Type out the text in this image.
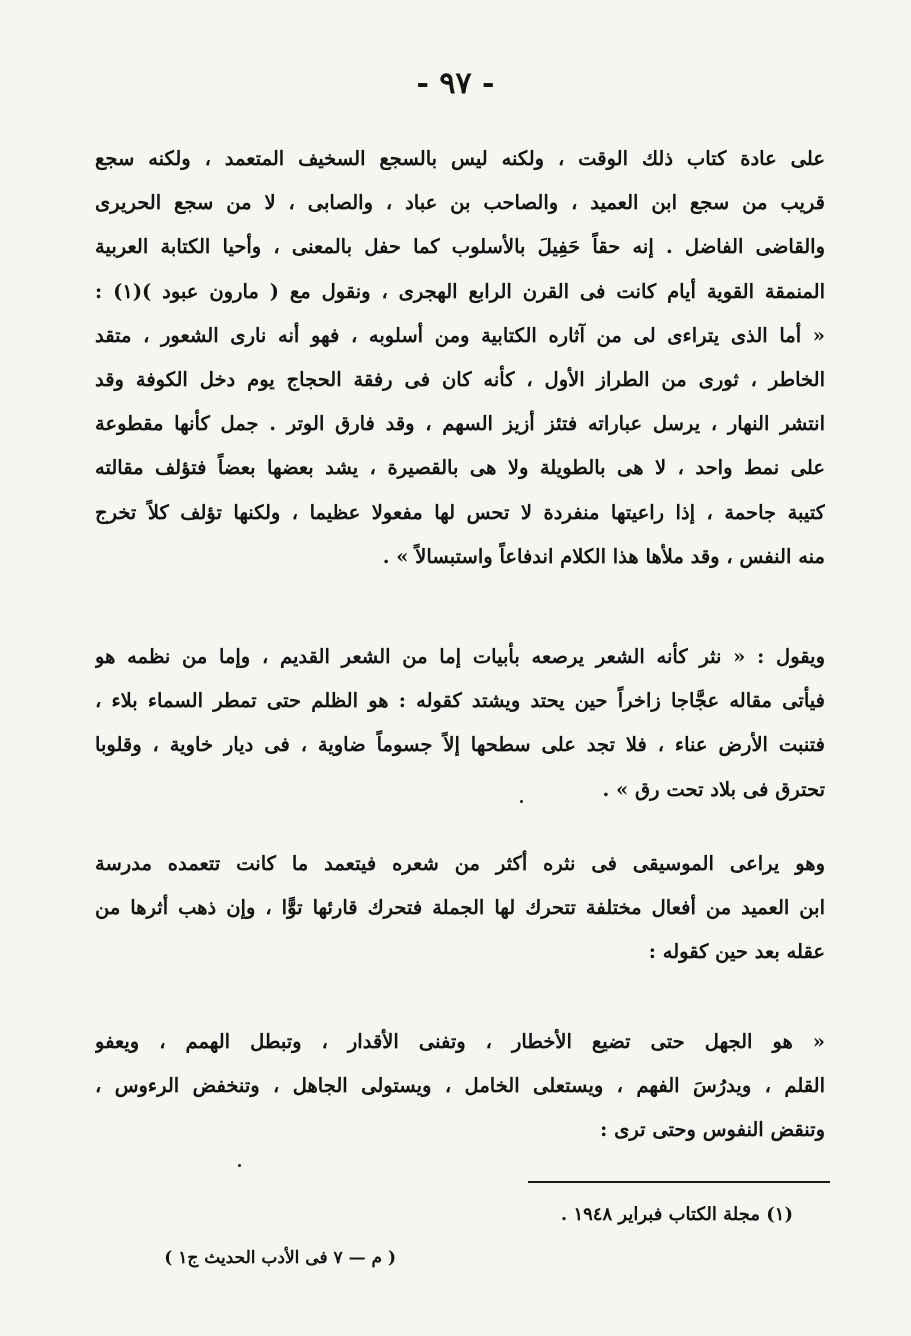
- ٩٧ -
على عادة كتاب ذلك الوقت ، ولكنه ليس بالسجع السخيف المتعمد ، ولكنه سجع
قريب من سجع ابن العميد ، والصاحب بن عباد ، والصابى ، لا من سجع الحريرى
والقاضى الفاضل . إنه حقاً حَفِيلَ بالأسلوب كما حفل بالمعنى ، وأحيا الكتابة العربية
المنمقة القوية أيام كانت فى القرن الرابع الهجرى ، ونقول مع ( مارون عبود )(١) :
« أما الذى يتراءى لى من آثاره الكتابية ومن أسلوبه ، فهو أنه نارى الشعور ، متقد
الخاطر ، ثورى من الطراز الأول ، كأنه كان فى رفقة الحجاج يوم دخل الكوفة وقد
انتشر النهار ، يرسل عباراته فتئز أزيز السهم ، وقد فارق الوتر . جمل كأنها مقطوعة
على نمط واحد ، لا هى بالطويلة ولا هى بالقصيرة ، يشد بعضها بعضاً فتؤلف مقالته
كتيبة جاحمة ، إذا راعيتها منفردة لا تحس لها مفعولا عظيما ، ولكنها تؤلف كلاً تخرج
منه النفس ، وقد ملأها هذا الكلام اندفاعاً واستبسالاً » .
ويقول : « نثر كأنه الشعر يرصعه بأبيات إما من الشعر القديم ، وإما من نظمه هو
فيأتى مقاله عجَّاجا زاخراً حين يحتد ويشتد كقوله : هو الظلم حتى تمطر السماء بلاء ،
فتنبت الأرض عناء ، فلا تجد على سطحها إلاً جسوماً ضاوية ، فى ديار خاوية ، وقلوبا
تحترق فى بلاد تحت رق » .
وهو يراعى الموسيقى فى نثره أكثر من شعره فيتعمد ما كانت تتعمده مدرسة
ابن العميد من أفعال مختلفة تتحرك لها الجملة فتحرك قارئها توًّا ، وإن ذهب أثرها من
عقله بعد حين كقوله :
« هو الجهل حتى تضيع الأخطار ، وتفنى الأقدار ، وتبطل الهمم ، ويعفو
القلم ، ويدرُسَ الفهم ، ويستعلى الخامل ، ويستولى الجاهل ، وتنخفض الرءوس ،
وتنقض النفوس وحتى ترى :
(١) مجلة الكتاب فبراير ١٩٤٨ .
( م — ٧ فى الأدب الحديث ج١ )
